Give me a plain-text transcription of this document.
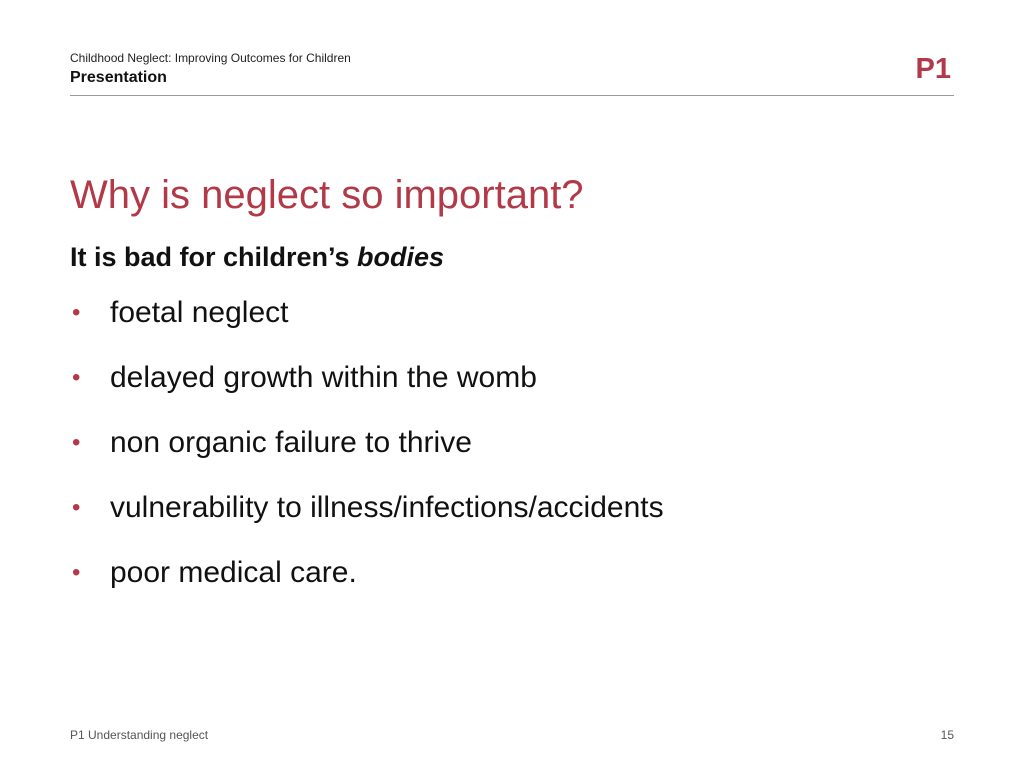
Childhood Neglect: Improving Outcomes for Children
Presentation	P1
Why is neglect so important?
It is bad for children’s bodies
• foetal neglect
• delayed growth within the womb
• non organic failure to thrive
• vulnerability to illness/infections/accidents
• poor medical care.
P1 Understanding neglect	15
